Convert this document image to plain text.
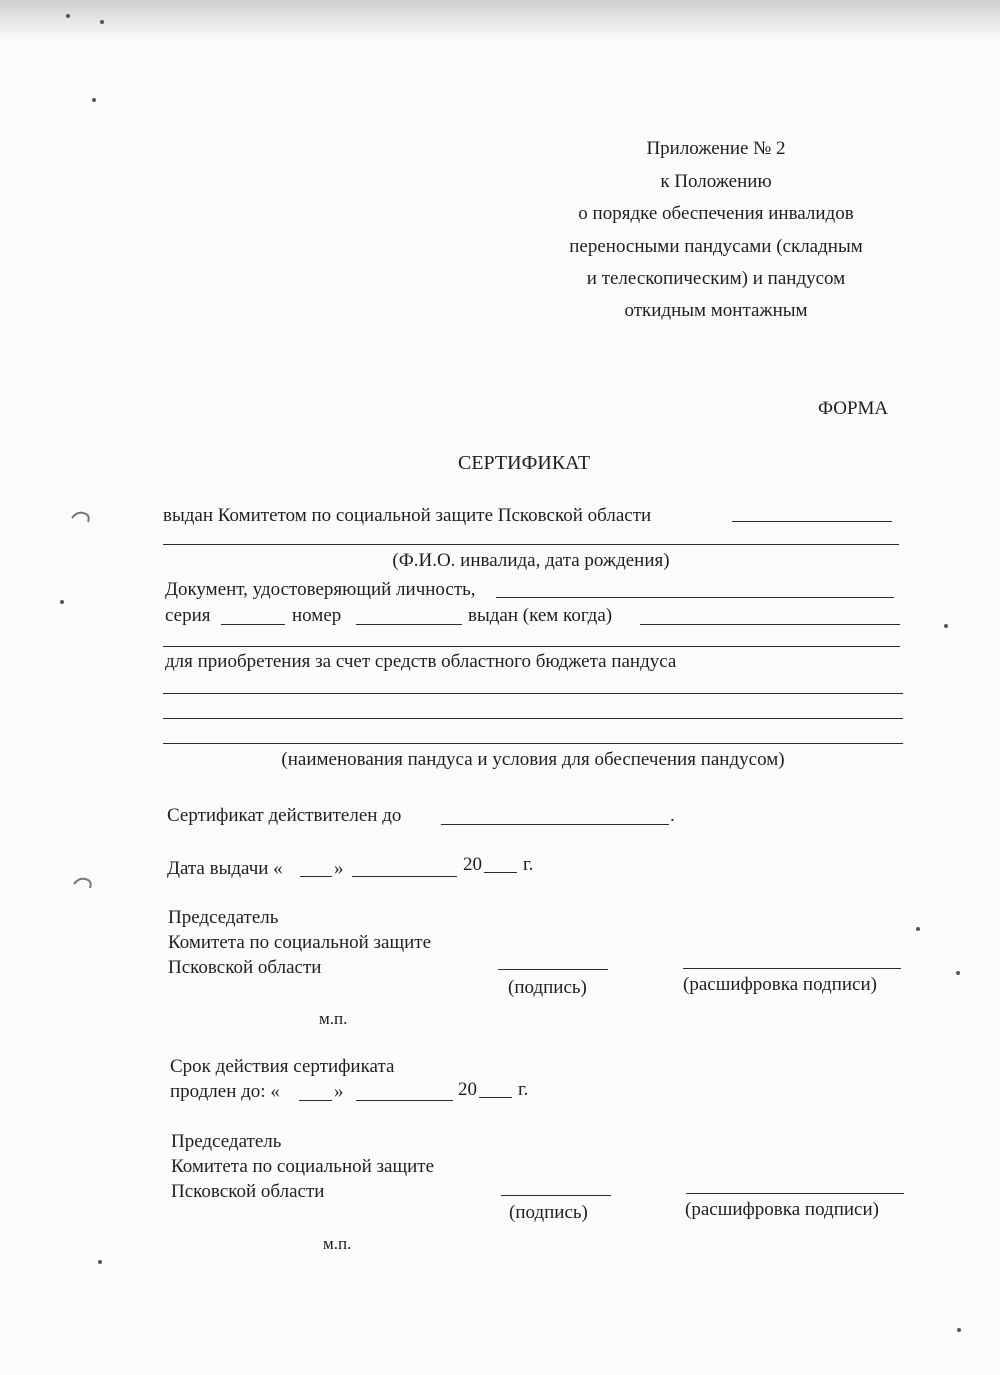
Приложение № 2
к Положению
о порядке обеспечения инвалидов
переносными пандусами (складным
и телескопическим) и пандусом
откидным монтажным
ФОРМА
СЕРТИФИКАТ
выдан Комитетом по социальной защите Псковской области
(Ф.И.О. инвалида, дата рождения)
Документ, удостоверяющий личность,
серия	номер	выдан (кем когда)
для приобретения за счет средств областного бюджета пандуса
(наименования пандуса и условия для обеспечения пандусом)
Сертификат действителен до	.
Дата выдачи «	»	20 г.
Председатель
Комитета по социальной защите
Псковской области
(подпись)	(расшифровка подписи)
м.п.
Срок действия сертификата
продлен до: «	»	20 г.
Председатель
Комитета по социальной защите
Псковской области
(подпись)	(расшифровка подписи)
м.п.
